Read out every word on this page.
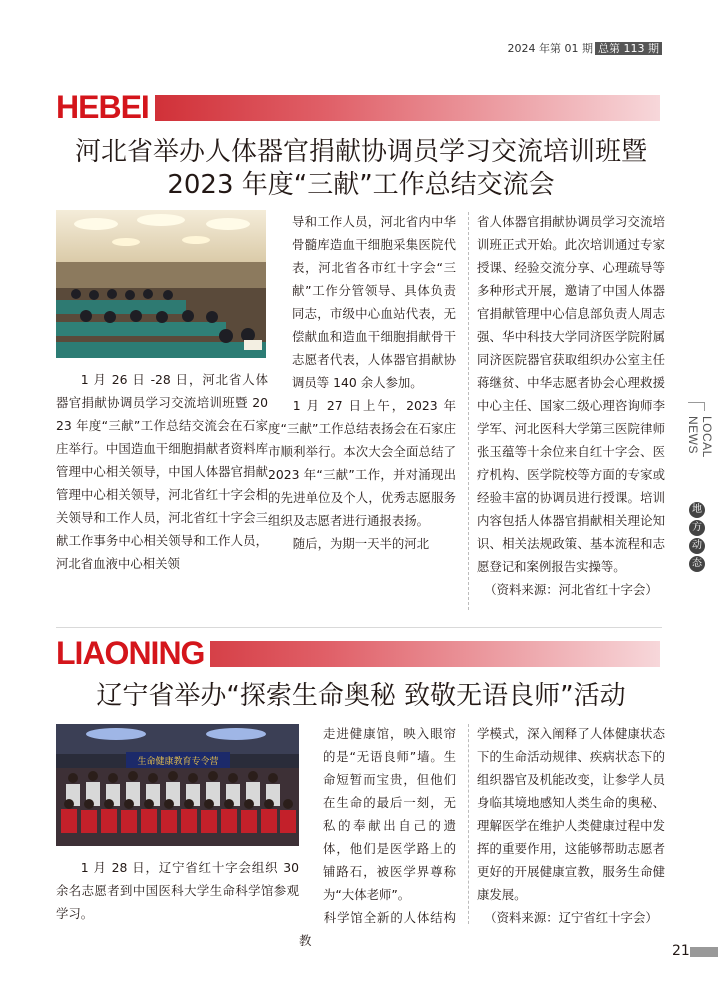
2024 年第 01 期 总第 113 期
HEBEI
河北省举办人体器官捐献协调员学习交流培训班暨
2023 年度“三献”工作总结交流会

1 月 26 日 -28 日，河北省人体器官捐献协调员学习交流培训班暨 2023 年度“三献”工作总结交流会在石家庄举行。中国造血干细胞捐献者资料库管理中心相关领导，中国人体器官捐献管理中心相关领导，河北省红十字会相关领导和工作人员，河北省红十字会三献工作事务中心相关领导和工作人员，河北省血液中心相关领

导和工作人员，河北省内中华骨髓库造血干细胞采集医院代表，河北省各市红十字会“三献”工作分管领导、具体负责同志，市级中心血站代表，无偿献血和造血干细胞捐献骨干志愿者代表，人体器官捐献协调员等 140 余人参加。

1 月 27 日上午，2023 年度“三献”工作总结表扬会在石家庄市顺利举行。本次大会全面总结了 2023 年“三献”工作，并对涌现出的先进单位及个人，优秀志愿服务组织及志愿者进行通报表扬。

随后，为期一天半的河北

省人体器官捐献协调员学习交流培训班正式开始。此次培训通过专家授课、经验交流分享、心理疏导等多种形式开展，邀请了中国人体器官捐献管理中心信息部负责人周志强、华中科技大学同济医学院附属同济医院器官获取组织办公室主任蒋继贫、中华志愿者协会心理救援中心主任、国家二级心理咨询师李学军、河北医科大学第三医院律师张玉蕴等十余位来自红十字会、医疗机构、医学院校等方面的专家或经验丰富的协调员进行授课。培训内容包括人体器官捐献相关理论知识、相关法规政策、基本流程和志愿登记和案例报告实操等。

（资料来源：河北省红十字会）

LIAONING
辽宁省举办“探索生命奥秘 致敬无语良师”活动
生命健康教育专令营

1 月 28 日，辽宁省红十字会组织 30 余名志愿者到中国医科大学生命科学馆参观学习。

走进健康馆，映入眼帘的是“无语良师”墙。生命短暂而宝贵，但他们在生命的最后一刻，无私的奉献出自己的遗体，他们是医学路上的铺路石，被医学界尊称为“大体老师”。

科学馆全新的人体结构教

学模式，深入阐释了人体健康状态下的生命活动规律、疾病状态下的组织器官及机能改变，让参学人员身临其境地感知人类生命的奥秘、理解医学在维护人类健康过程中发挥的重要作用，这能够帮助志愿者更好的开展健康宣教，服务生命健康发展。

（资料来源：辽宁省红十字会）

LOCAL NEWS
地
方
动
态
21
